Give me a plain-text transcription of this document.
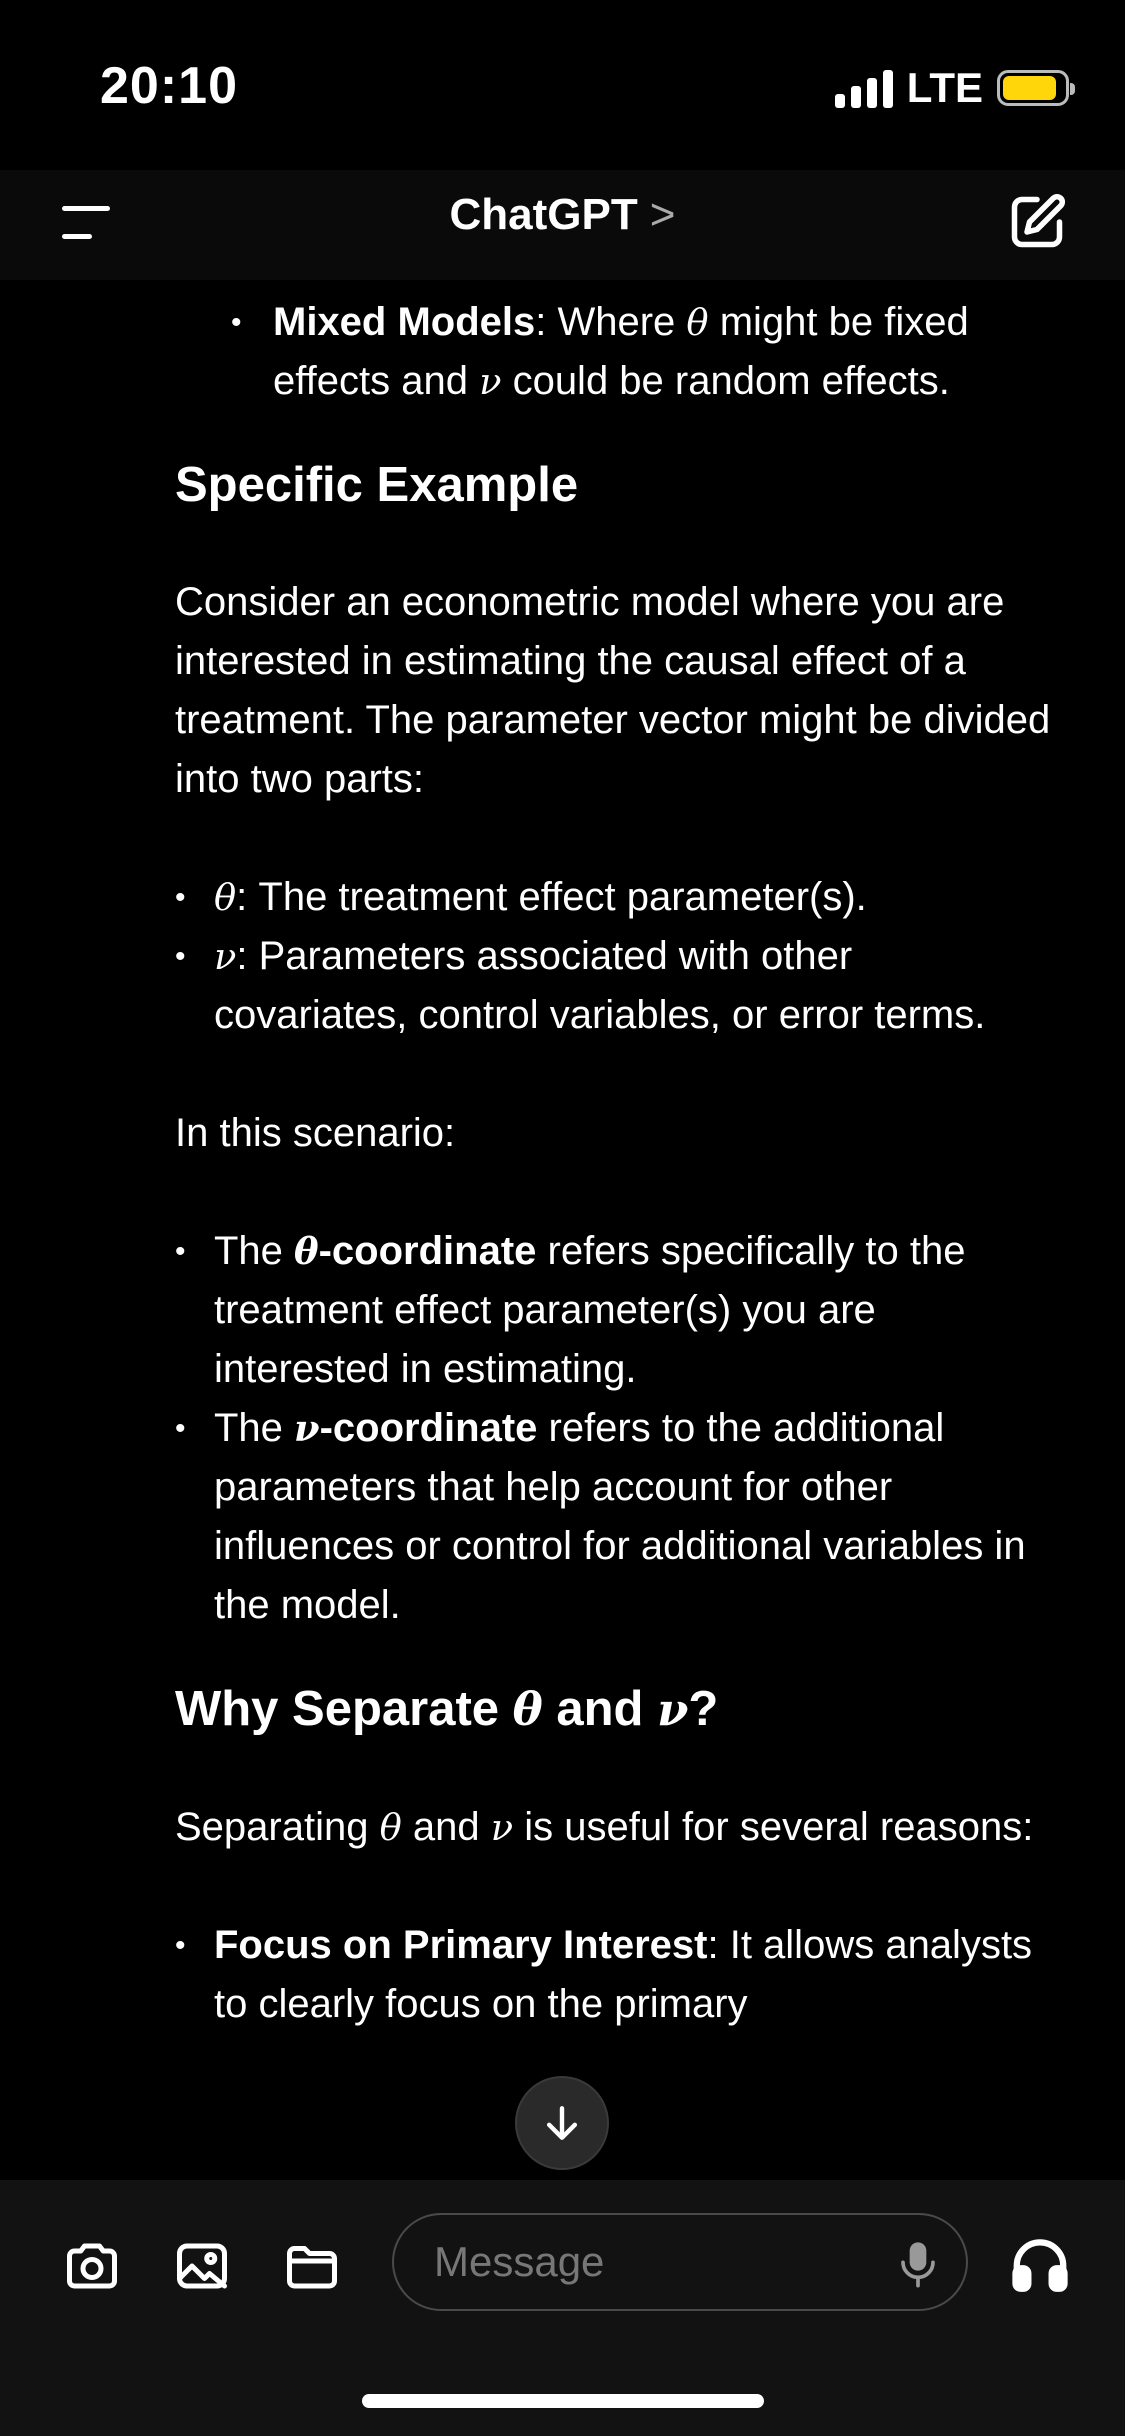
20:10	LTE
ChatGPT >
• Mixed Models: Where θ might be fixed effects and ν could be random effects.
Specific Example

Consider an econometric model where you are interested in estimating the causal effect of a treatment. The parameter vector might be divided into two parts:

• θ: The treatment effect parameter(s).
• ν: Parameters associated with other covariates, control variables, or error terms.

In this scenario:

• The θ-coordinate refers specifically to the treatment effect parameter(s) you are interested in estimating.
• The ν-coordinate refers to the additional parameters that help account for other influences or control for additional variables in the model.
Why Separate θ and ν?

Separating θ and ν is useful for several reasons:

• Focus on Primary Interest: It allows analysts to clearly focus on the primary
Message
